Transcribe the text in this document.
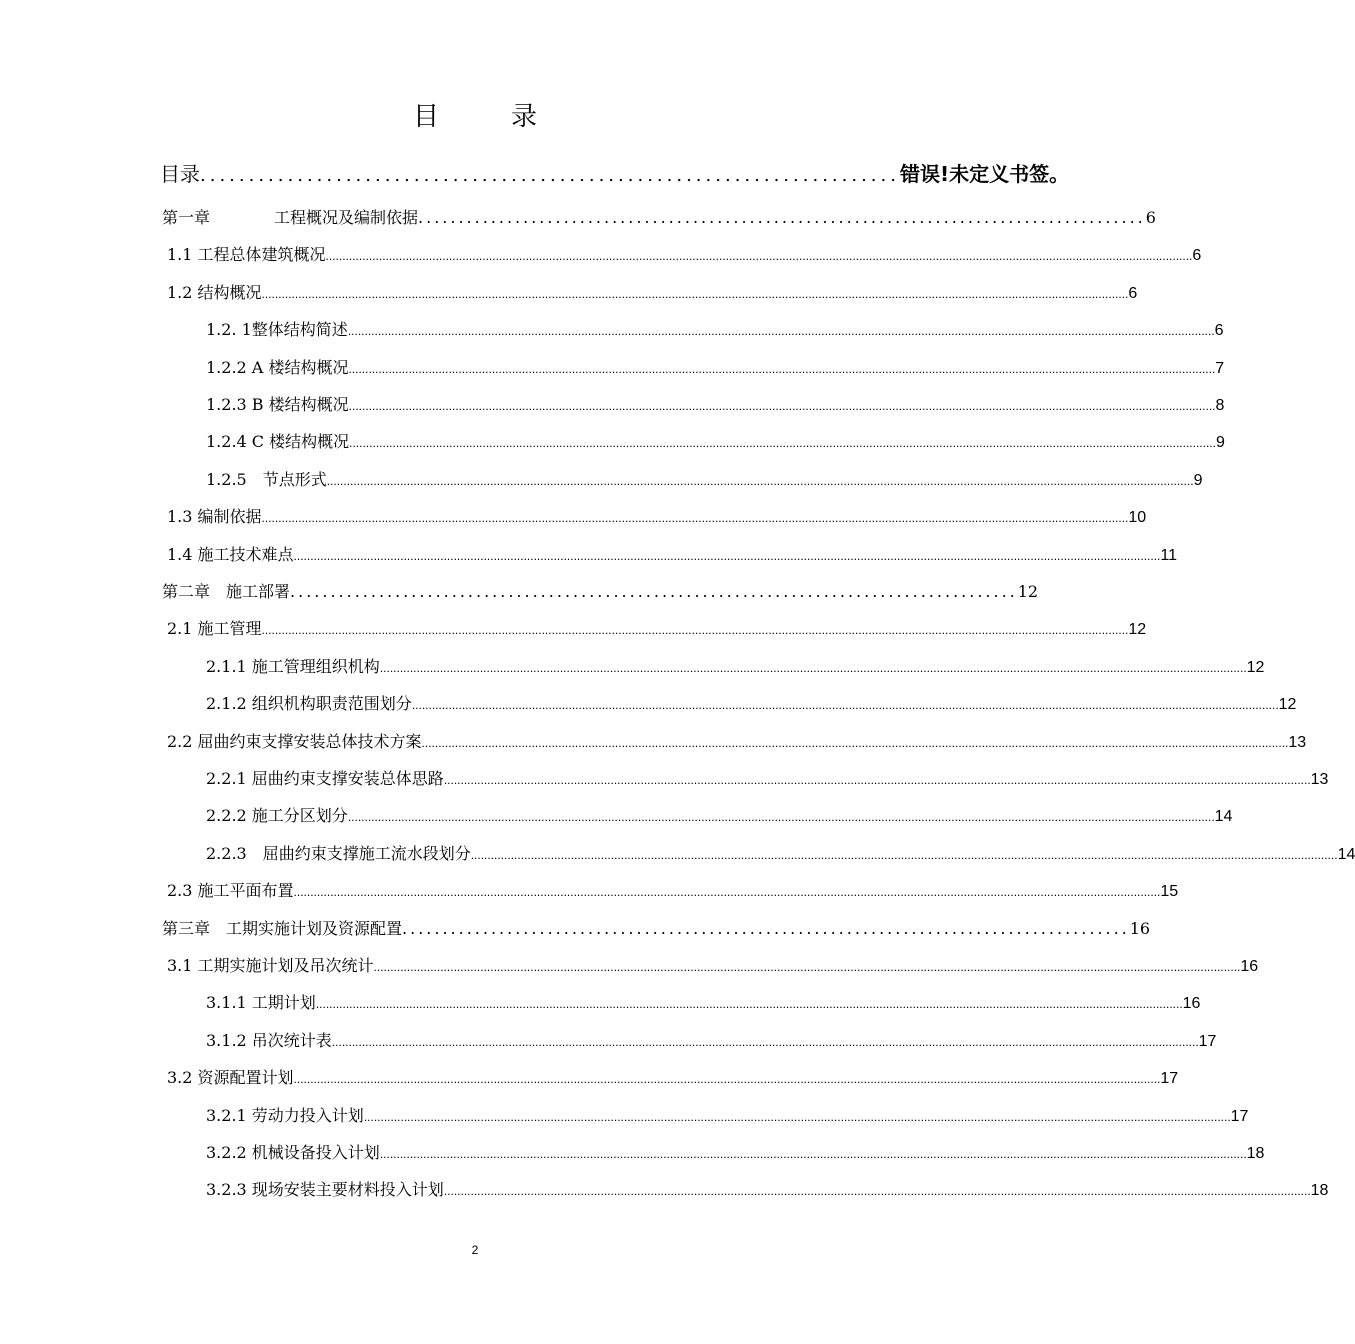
目	录
目录 ........................................................................ 错误!未定义书签。
第一章　　　　工程概况及编制依据 .......................................................................................... 6
1.1 工程总体建筑概况 .................................................................................................................................................................................................................................................................... 6
1.2 结构概况 .................................................................................................................................................................................................................................................................... 6
1.2. 1整体结构简述 .................................................................................................................................................................................................................................................................... 6
1.2.2 A 楼结构概况 .................................................................................................................................................................................................................................................................... 7
1.2.3 B 楼结构概况 .................................................................................................................................................................................................................................................................... 8
1.2.4 C 楼结构概况 .................................................................................................................................................................................................................................................................... 9
1.2.5　节点形式 .................................................................................................................................................................................................................................................................... 9
1.3 编制依据 .................................................................................................................................................................................................................................................................... 10
1.4 施工技术难点 .................................................................................................................................................................................................................................................................... 11
第二章　施工部署 .......................................................................................... 12
2.1 施工管理 .................................................................................................................................................................................................................................................................... 12
2.1.1 施工管理组织机构 .................................................................................................................................................................................................................................................................... 12
2.1.2 组织机构职责范围划分 .................................................................................................................................................................................................................................................................... 12
2.2 屈曲约束支撑安装总体技术方案 .................................................................................................................................................................................................................................................................... 13
2.2.1 屈曲约束支撑安装总体思路 .................................................................................................................................................................................................................................................................... 13
2.2.2 施工分区划分 .................................................................................................................................................................................................................................................................... 14
2.2.3　屈曲约束支撑施工流水段划分 .................................................................................................................................................................................................................................................................... 14
2.3 施工平面布置 .................................................................................................................................................................................................................................................................... 15
第三章　工期实施计划及资源配置 .......................................................................................... 16
3.1 工期实施计划及吊次统计 .................................................................................................................................................................................................................................................................... 16
3.1.1 工期计划 .................................................................................................................................................................................................................................................................... 16
3.1.2 吊次统计表 .................................................................................................................................................................................................................................................................... 17
3.2 资源配置计划 .................................................................................................................................................................................................................................................................... 17
3.2.1 劳动力投入计划 .................................................................................................................................................................................................................................................................... 17
3.2.2 机械设备投入计划 .................................................................................................................................................................................................................................................................... 18
3.2.3 现场安装主要材料投入计划 .................................................................................................................................................................................................................................................................... 18
2
